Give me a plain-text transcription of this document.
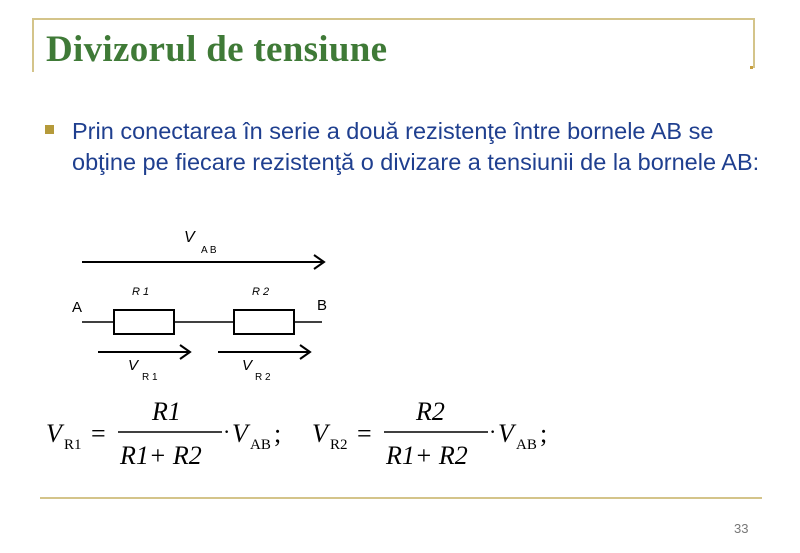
Divizorul de tensiune

Prin conectarea în serie a două rezistenţe între bornele AB se obţine pe fiecare rezistenţă o divizare a tensiunii de la bornele AB:

V
A B
R 1	R 2
A	B
V
R 1
V
R 2
V R1 =
R1
R1+ R2
· V AB ; V R2 =
R2
R1+ R2
· V AB ;
33
